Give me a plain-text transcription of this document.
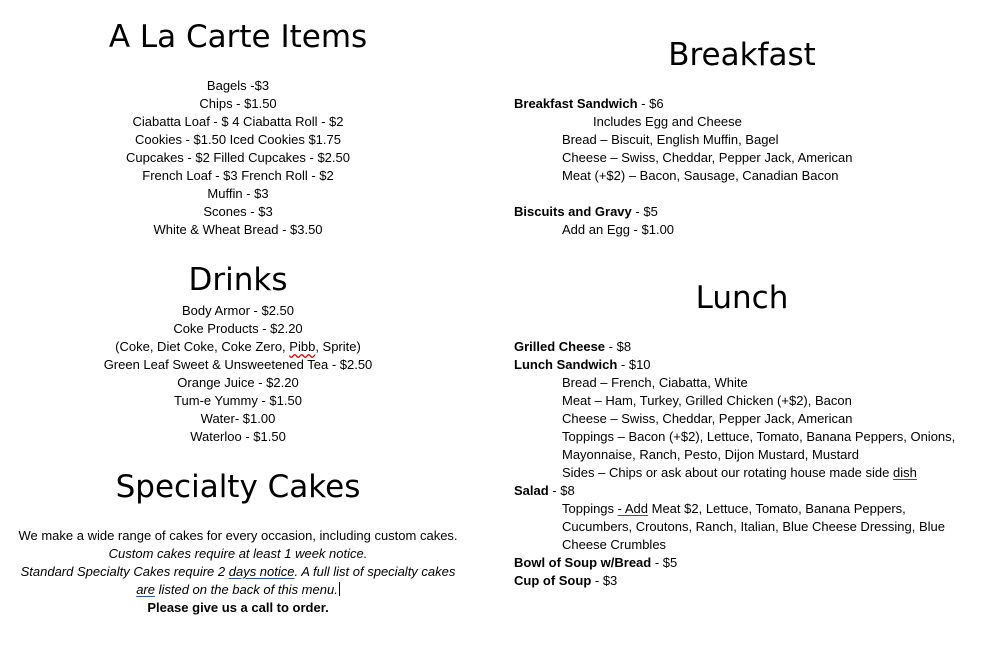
A La Carte Items
Bagels -$3
Chips - $1.50
Ciabatta Loaf - $ 4 Ciabatta Roll - $2
Cookies - $1.50 Iced Cookies $1.75
Cupcakes - $2 Filled Cupcakes - $2.50
French Loaf - $3 French Roll - $2
Muffin - $3
Scones - $3
White & Wheat Bread - $3.50
Drinks
Body Armor - $2.50
Coke Products - $2.20
(Coke, Diet Coke, Coke Zero, Pibb, Sprite)
Green Leaf Sweet & Unsweetened Tea - $2.50
Orange Juice - $2.20
Tum-e Yummy - $1.50
Water- $1.00
Waterloo - $1.50
Specialty Cakes
We make a wide range of cakes for every occasion, including custom cakes.
Custom cakes require at least 1 week notice.
Standard Specialty Cakes require 2 days notice. A full list of specialty cakes
are listed on the back of this menu.
Please give us a call to order.
Breakfast
Breakfast Sandwich - $6
Includes Egg and Cheese
Bread – Biscuit, English Muffin, Bagel
Cheese – Swiss, Cheddar, Pepper Jack, American
Meat (+$2) – Bacon, Sausage, Canadian Bacon
Biscuits and Gravy - $5
Add an Egg - $1.00
Lunch
Grilled Cheese - $8
Lunch Sandwich - $10
Bread – French, Ciabatta, White
Meat – Ham, Turkey, Grilled Chicken (+$2), Bacon
Cheese – Swiss, Cheddar, Pepper Jack, American
Toppings – Bacon (+$2), Lettuce, Tomato, Banana Peppers, Onions,
Mayonnaise, Ranch, Pesto, Dijon Mustard, Mustard
Sides – Chips or ask about our rotating house made side dish
Salad - $8
Toppings - Add Meat $2, Lettuce, Tomato, Banana Peppers,
Cucumbers, Croutons, Ranch, Italian, Blue Cheese Dressing, Blue
Cheese Crumbles
Bowl of Soup w/Bread - $5
Cup of Soup - $3
